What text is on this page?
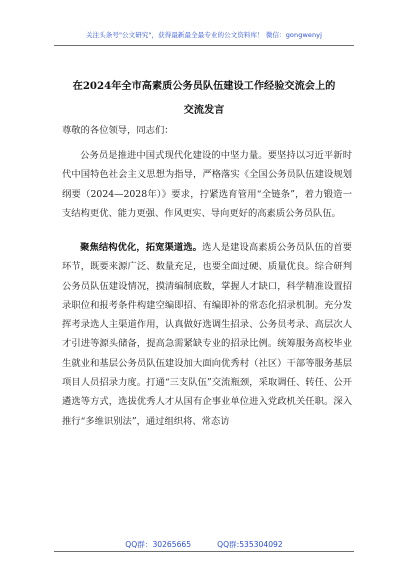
关注头条号"公文研究"，获得最新最全最专业的公文资料库！ 微信：gongwenyj
在2024年全市高素质公务员队伍建设工作经验交流会上的
交流发言
尊敬的各位领导，同志们：
公务员是推进中国式现代化建设的中坚力量。要坚持以习近平新时代中国特色社会主义思想为指导，严格落实《全国公务员队伍建设规划纲要（2024—2028年）》要求，拧紧选育管用“全链条”，着力锻造一支结构更优、能力更强、作风更实、导向更好的高素质公务员队伍。
聚焦结构优化，拓宽渠道选。选人是建设高素质公务员队伍的首要环节，既要来源广泛、数量充足，也要全面过硬、质量优良。综合研判公务员队伍建设情况，摸清编制底数，掌握人才缺口，科学精准设置招录职位和报考条件构建空编即招、有编即补的常态化招录机制。充分发挥考录选人主渠道作用，认真做好选调生招录、公务员考录、高层次人才引进等源头储备，提高急需紧缺专业的招录比例。统筹服务高校毕业生就业和基层公务员队伍建设加大面向优秀村（社区）干部等服务基层项目人员招录力度。打通“三支队伍”交流瓶颈，采取调任、转任、公开遴选等方式，选拔优秀人才从国有企事业单位进入党政机关任职。深入推行“多维识别法”，通过组织将、常态访
QQ群：30265665	QQ群:535304092
